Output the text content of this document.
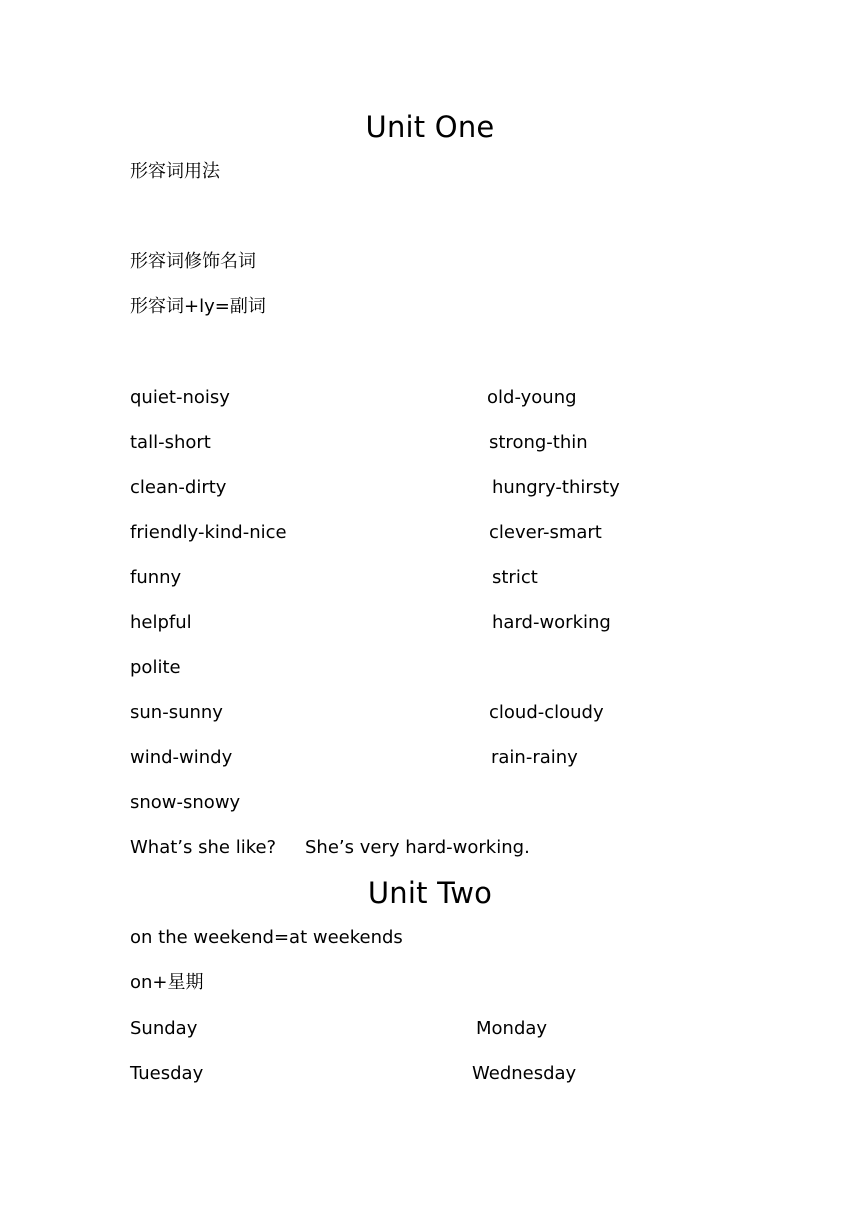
Unit One
形容词用法
形容词修饰名词
形容词+ly=副词
quiet-noisy	old-young
tall-short	strong-thin
clean-dirty	hungry-thirsty
friendly-kind-nice	clever-smart
funny	strict
helpful	hard-working
polite
sun-sunny	cloud-cloudy
wind-windy	rain-rainy
snow-snowy
What’s she like? She’s very hard-working.
Unit Two
on the weekend=at weekends
on+星期
Sunday	Monday
Tuesday	Wednesday
